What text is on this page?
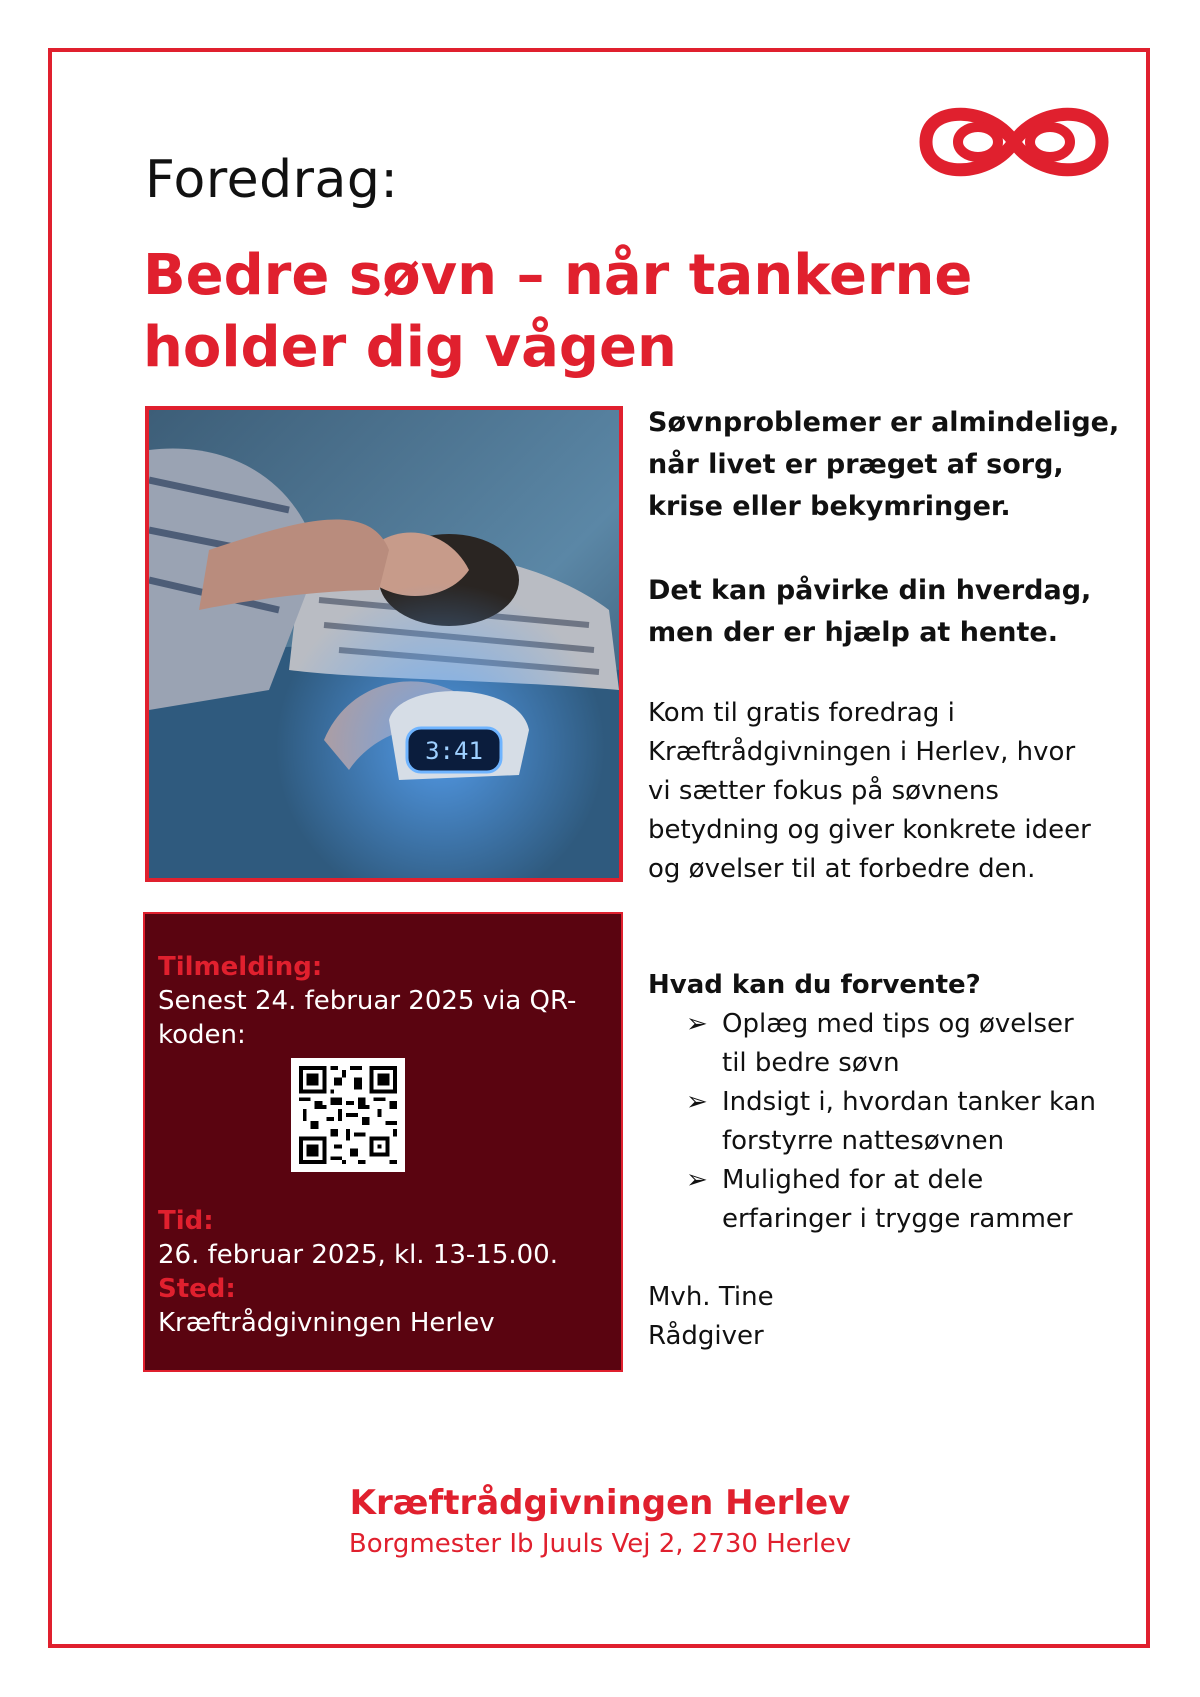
Foredrag:
Bedre søvn – når tankerne
holder dig vågen
3:41

Søvnproblemer er almindelige,
når livet er præget af sorg,
krise eller bekymringer.

Det kan påvirke din hverdag,
men der er hjælp at hente.

Kom til gratis foredrag i
Kræftrådgivningen i Herlev, hvor
vi sætter fokus på søvnens
betydning og giver konkrete ideer
og øvelser til at forbedre den.
Tilmelding:
Senest 24. februar 2025 via QR-
koden:
Tid:
26. februar 2025, kl. 13-15.00.
Sted:
Kræftrådgivningen Herlev
Hvad kan du forvente?
➢ Oplæg med tips og øvelser
til bedre søvn
➢ Indsigt i, hvordan tanker kan
forstyrre nattesøvnen
➢ Mulighed for at dele
erfaringer i trygge rammer
Mvh. Tine
Rådgiver
Kræftrådgivningen Herlev
Borgmester Ib Juuls Vej 2, 2730 Herlev
